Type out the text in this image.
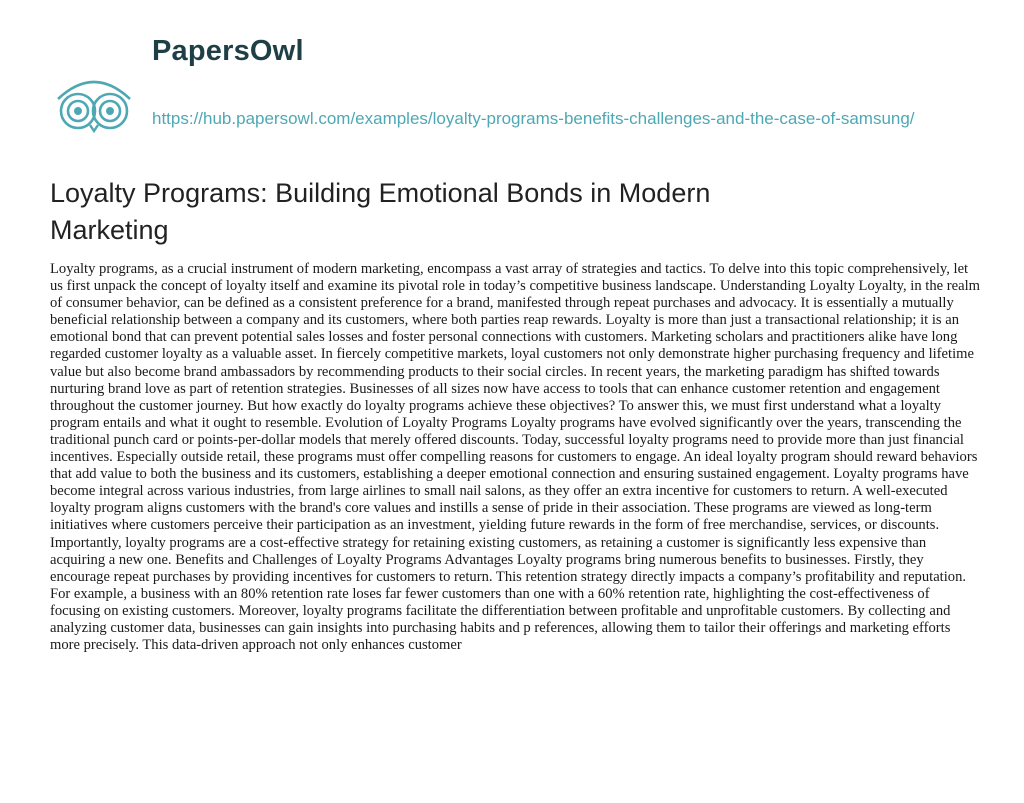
PapersOwl
https://hub.papersowl.com/examples/loyalty-programs-benefits-challenges-and-the-case-of-samsung/
Loyalty Programs: Building Emotional Bonds in Modern Marketing

Loyalty programs, as a crucial instrument of modern marketing, encompass a vast array of strategies and tactics. To delve into this topic comprehensively, let us first unpack the concept of loyalty itself and examine its pivotal role in today’s competitive business landscape. Understanding Loyalty Loyalty, in the realm of consumer behavior, can be defined as a consistent preference for a brand, manifested through repeat purchases and advocacy. It is essentially a mutually beneficial relationship between a company and its customers, where both parties reap rewards. Loyalty is more than just a transactional relationship; it is an emotional bond that can prevent potential sales losses and foster personal connections with customers. Marketing scholars and practitioners alike have long regarded customer loyalty as a valuable asset. In fiercely competitive markets, loyal customers not only demonstrate higher purchasing frequency and lifetime value but also become brand ambassadors by recommending products to their social circles. In recent years, the marketing paradigm has shifted towards nurturing brand love as part of retention strategies. Businesses of all sizes now have access to tools that can enhance customer retention and engagement throughout the customer journey. But how exactly do loyalty programs achieve these objectives? To answer this, we must first understand what a loyalty program entails and what it ought to resemble. Evolution of Loyalty Programs Loyalty programs have evolved significantly over the years, transcending the traditional punch card or points-per-dollar models that merely offered discounts. Today, successful loyalty programs need to provide more than just financial incentives. Especially outside retail, these programs must offer compelling reasons for customers to engage. An ideal loyalty program should reward behaviors that add value to both the business and its customers, establishing a deeper emotional connection and ensuring sustained engagement. Loyalty programs have become integral across various industries, from large airlines to small nail salons, as they offer an extra incentive for customers to return. A well-executed loyalty program aligns customers with the brand's core values and instills a sense of pride in their association. These programs are viewed as long-term initiatives where customers perceive their participation as an investment, yielding future rewards in the form of free merchandise, services, or discounts. Importantly, loyalty programs are a cost-effective strategy for retaining existing customers, as retaining a customer is significantly less expensive than acquiring a new one. Benefits and Challenges of Loyalty Programs Advantages Loyalty programs bring numerous benefits to businesses. Firstly, they encourage repeat purchases by providing incentives for customers to return. This retention strategy directly impacts a company’s profitability and reputation. For example, a business with an 80% retention rate loses far fewer customers than one with a 60% retention rate, highlighting the cost-effectiveness of focusing on existing customers. Moreover, loyalty programs facilitate the differentiation between profitable and unprofitable customers. By collecting and analyzing customer data, businesses can gain insights into purchasing habits and p references, allowing them to tailor their offerings and marketing efforts more precisely. This data-driven approach not only enhances customer
